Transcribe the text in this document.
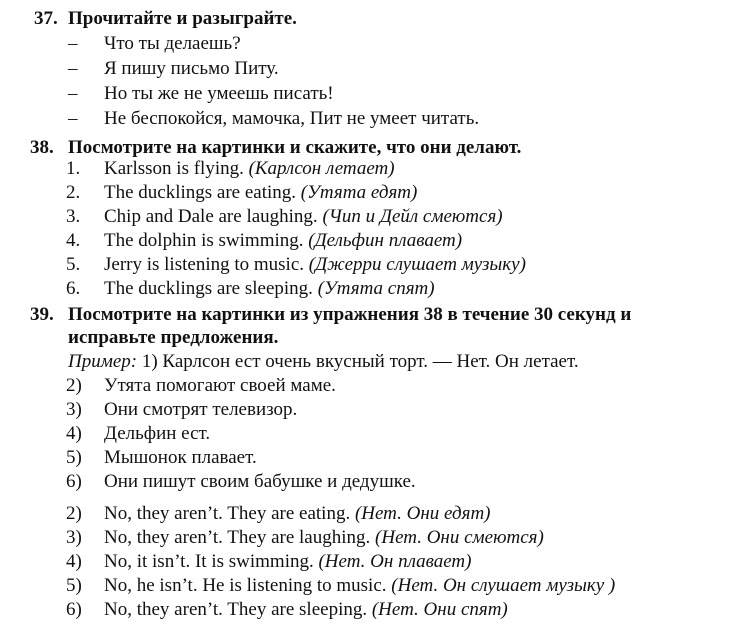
37. Прочитайте и разыграйте.
– Что ты делаешь?
– Я пишу письмо Питу.
– Но ты же не умеешь писать!
– Не беспокойся, мамочка, Пит не умеет читать.
38. Посмотрите на картинки и скажите, что они делают.
1. Karlsson is flying. (Карлсон летает)
2. The ducklings are eating. (Утята едят)
3. Chip and Dale are laughing. (Чип и Дейл смеются)
4. The dolphin is swimming. (Дельфин плавает)
5. Jerry is listening to music. (Джерри слушает музыку)
6. The ducklings are sleeping. (Утята спят)
39. Посмотрите на картинки из упражнения 38 в течение 30 секунд и
исправьте предложения.
Пример: 1) Карлсон ест очень вкусный торт. — Нет. Он летает.
2) Утята помогают своей маме.
3) Они смотрят телевизор.
4) Дельфин ест.
5) Мышонок плавает.
6) Они пишут своим бабушке и дедушке.
2) No, they aren’t. They are eating. (Нет. Они едят)
3) No, they aren’t. They are laughing. (Нет. Они смеются)
4) No, it isn’t. It is swimming. (Нет. Он плавает)
5) No, he isn’t. He is listening to music. (Нет. Он слушает музыку )
6) No, they aren’t. They are sleeping. (Нет. Они спят)
